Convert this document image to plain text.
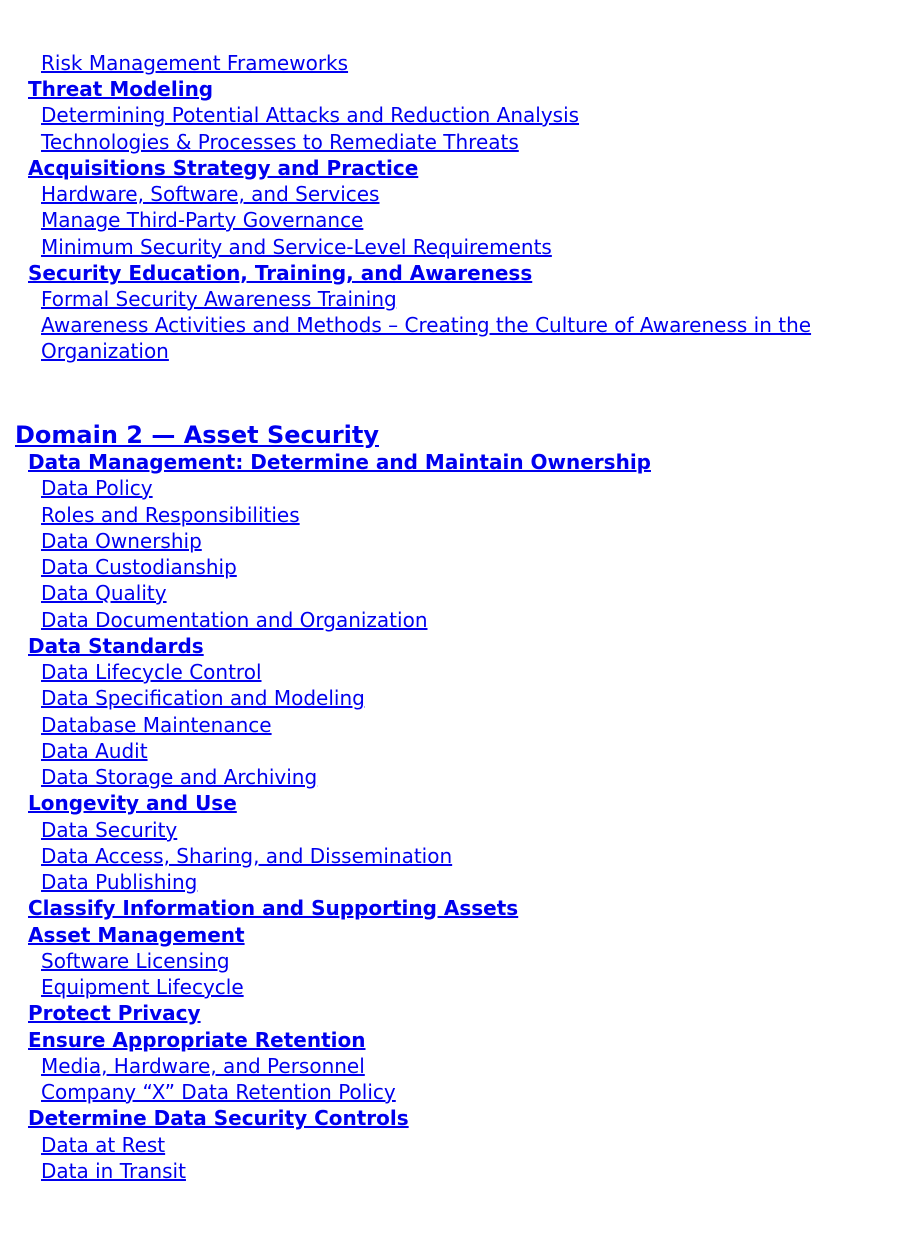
Risk Management Frameworks
Threat Modeling
Determining Potential Attacks and Reduction Analysis
Technologies & Processes to Remediate Threats
Acquisitions Strategy and Practice
Hardware, Software, and Services
Manage Third-Party Governance
Minimum Security and Service-Level Requirements
Security Education, Training, and Awareness
Formal Security Awareness Training
Awareness Activities and Methods – Creating the Culture of Awareness in the Organization
Domain 2 — Asset Security
Data Management: Determine and Maintain Ownership
Data Policy
Roles and Responsibilities
Data Ownership
Data Custodianship
Data Quality
Data Documentation and Organization
Data Standards
Data Lifecycle Control
Data Specification and Modeling
Database Maintenance
Data Audit
Data Storage and Archiving
Longevity and Use
Data Security
Data Access, Sharing, and Dissemination
Data Publishing
Classify Information and Supporting Assets
Asset Management
Software Licensing
Equipment Lifecycle
Protect Privacy
Ensure Appropriate Retention
Media, Hardware, and Personnel
Company “X” Data Retention Policy
Determine Data Security Controls
Data at Rest
Data in Transit
